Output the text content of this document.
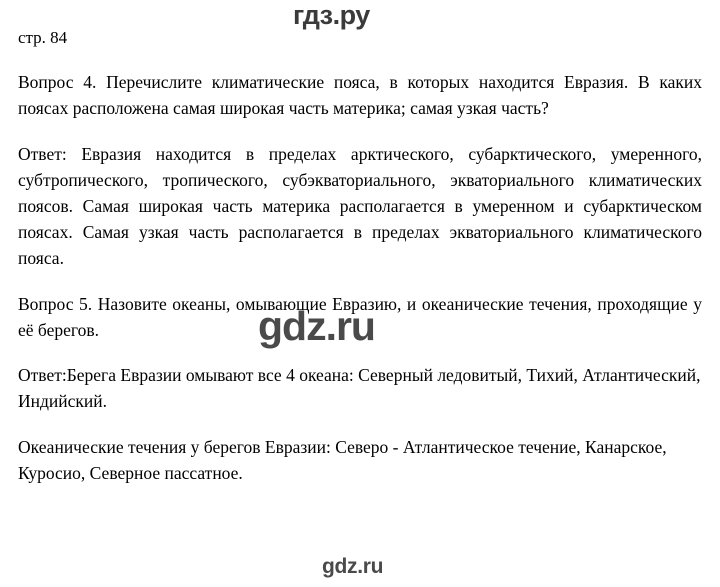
гдз.ру
стр. 84

Вопрос 4. Перечислите климатические пояса, в которых находится Евразия. В каких поясах расположена самая широкая часть материка; самая узкая часть?

Ответ: Евразия находится в пределах арктического, субарктического, умеренного, субтропического, тропического, субэкваториального, экваториального климатических поясов. Самая широкая часть материка располагается в умеренном и субарктическом поясах. Самая узкая часть располагается в пределах экваториального климатического пояса.

Вопрос 5. Назовите океаны, омывающие Евразию, и океанические течения, проходящие у её берегов.

Ответ:Берега Евразии омывают все 4 океана: Северный ледовитый, Тихий, Атлантический, Индийский.

Океанические течения у берегов Евразии: Северо - Атлантическое течение, Канарское, Куросио, Северное пассатное.

gdz.ru
gdz.ru
